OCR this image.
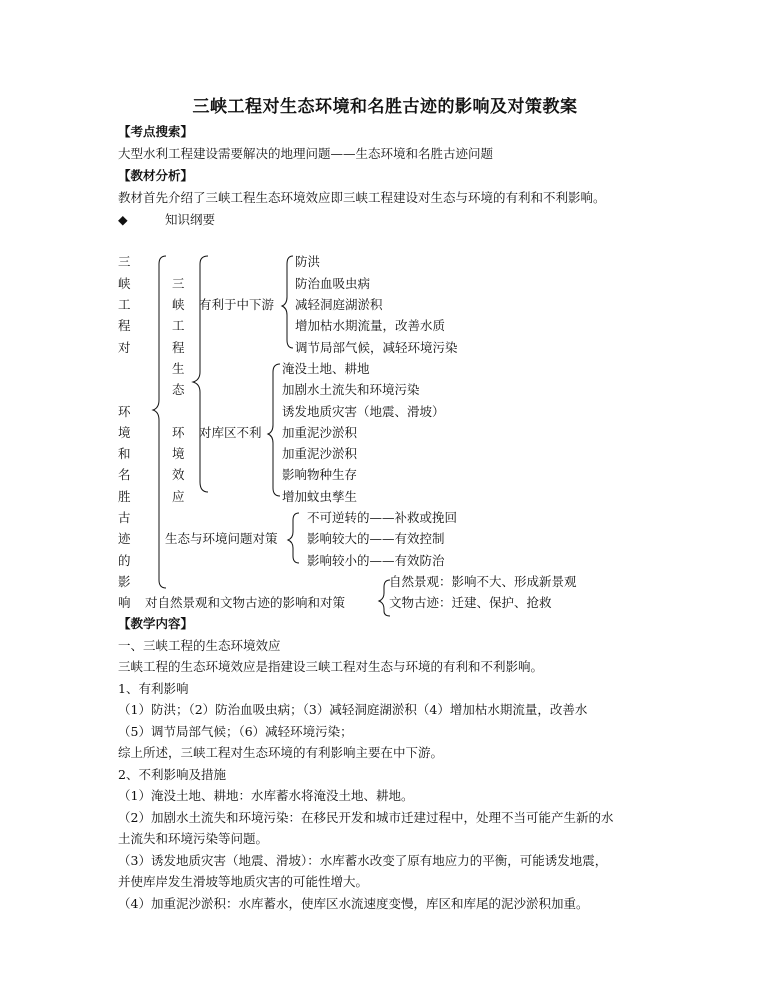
三峡工程对生态环境和名胜古迹的影响及对策教案
【考点搜索】
大型水利工程建设需要解决的地理问题——生态环境和名胜古迹问题
【教材分析】
教材首先介绍了三峡工程生态环境效应即三峡工程建设对生态与环境的有利和不利影响。
◆	知识纲要
三
峡
工
程
对
环
境
和
名
胜
古
迹
的
影
响
三
峡
工
程
生
态
环
境
效
应
有利于中下游
防洪
防治血吸虫病
减轻洞庭湖淤积
增加枯水期流量，改善水质
调节局部气候，减轻环境污染
对库区不利
淹没土地、耕地
加剧水土流失和环境污染
诱发地质灾害（地震、滑坡）
加重泥沙淤积
加重泥沙淤积
影响物种生存
增加蚊虫孳生
生态与环境问题对策
不可逆转的——补救或挽回
影响较大的——有效控制
影响较小的——有效防治
对自然景观和文物古迹的影响和对策
自然景观：影响不大、形成新景观
文物古迹：迁建、保护、抢救
【教学内容】
一、三峡工程的生态环境效应
三峡工程的生态环境效应是指建设三峡工程对生态与环境的有利和不利影响。
1、有利影响
（1）防洪；（2）防治血吸虫病；（3）减轻洞庭湖淤积（4）增加枯水期流量，改善水
（5）调节局部气候；（6）减轻环境污染；
综上所述，三峡工程对生态环境的有利影响主要在中下游。
2、不利影响及措施
（1）淹没土地、耕地：水库蓄水将淹没土地、耕地。
（2）加剧水土流失和环境污染：在移民开发和城市迁建过程中，处理不当可能产生新的水
土流失和环境污染等问题。
（3）诱发地质灾害（地震、滑坡）：水库蓄水改变了原有地应力的平衡，可能诱发地震，
并使库岸发生滑坡等地质灾害的可能性增大。
（4）加重泥沙淤积：水库蓄水，使库区水流速度变慢，库区和库尾的泥沙淤积加重。
